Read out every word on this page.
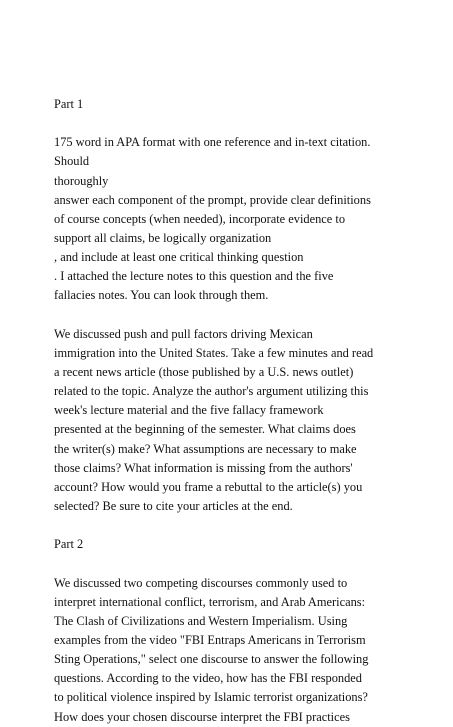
Part 1
175 word in APA format with one reference and in-text citation.
Should
thoroughly
answer each component of the prompt, provide clear definitions
of course concepts (when needed), incorporate evidence to
support all claims, be logically organization
, and include at least one critical thinking question
. I attached the lecture notes to this question and the five
fallacies notes. You can look through them.
We discussed push and pull factors driving Mexican
immigration into the United States. Take a few minutes and read
a recent news article (those published by a U.S. news outlet)
related to the topic. Analyze the author's argument utilizing this
week's lecture material and the five fallacy framework
presented at the beginning of the semester. What claims does
the writer(s) make? What assumptions are necessary to make
those claims? What information is missing from the authors'
account? How would you frame a rebuttal to the article(s) you
selected? Be sure to cite your articles at the end.
Part 2
We discussed two competing discourses commonly used to
interpret international conflict, terrorism, and Arab Americans:
The Clash of Civilizations and Western Imperialism. Using
examples from the video "FBI Entraps Americans in Terrorism
Sting Operations," select one discourse to answer the following
questions. According to the video, how has the FBI responded
to political violence inspired by Islamic terrorist organizations?
How does your chosen discourse interpret the FBI practices
